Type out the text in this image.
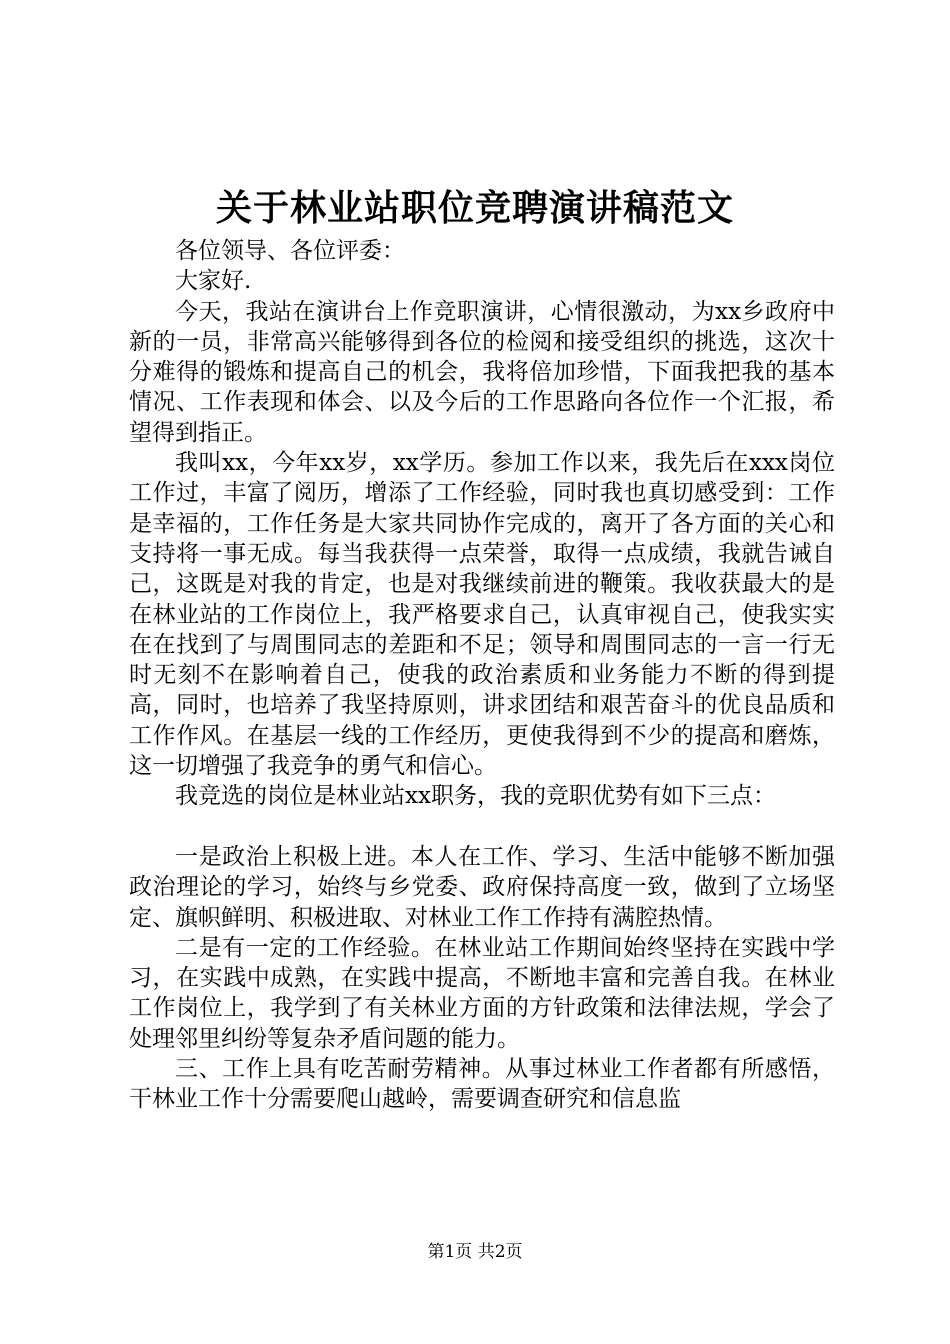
关于林业站职位竞聘演讲稿范文

各位领导、各位评委：

大家好.

今天，我站在演讲台上作竞职演讲，心情很激动，为xx乡政府中新的一员，非常高兴能够得到各位的检阅和接受组织的挑选，这次十分难得的锻炼和提高自己的机会，我将倍加珍惜，下面我把我的基本情况、工作表现和体会、以及今后的工作思路向各位作一个汇报，希望得到指正。

我叫xx，今年xx岁，xx学历。参加工作以来，我先后在xxx岗位工作过，丰富了阅历，增添了工作经验，同时我也真切感受到：工作是幸福的，工作任务是大家共同协作完成的，离开了各方面的关心和支持将一事无成。每当我获得一点荣誉，取得一点成绩，我就告诫自己，这既是对我的肯定，也是对我继续前进的鞭策。我收获最大的是在林业站的工作岗位上，我严格要求自己，认真审视自己，使我实实在在找到了与周围同志的差距和不足；领导和周围同志的一言一行无时无刻不在影响着自己，使我的政治素质和业务能力不断的得到提高，同时，也培养了我坚持原则，讲求团结和艰苦奋斗的优良品质和工作作风。在基层一线的工作经历，更使我得到不少的提高和磨炼，这一切增强了我竞争的勇气和信心。

我竞选的岗位是林业站xx职务，我的竞职优势有如下三点：

一是政治上积极上进。本人在工作、学习、生活中能够不断加强政治理论的学习，始终与乡党委、政府保持高度一致，做到了立场坚定、旗帜鲜明、积极进取、对林业工作工作持有满腔热情。

二是有一定的工作经验。在林业站工作期间始终坚持在实践中学习，在实践中成熟，在实践中提高，不断地丰富和完善自我。在林业工作岗位上，我学到了有关林业方面的方针政策和法律法规，学会了处理邻里纠纷等复杂矛盾问题的能力。

三、工作上具有吃苦耐劳精神。从事过林业工作者都有所感悟，干林业工作十分需要爬山越岭，需要调查研究和信息监

第1页 共2页
